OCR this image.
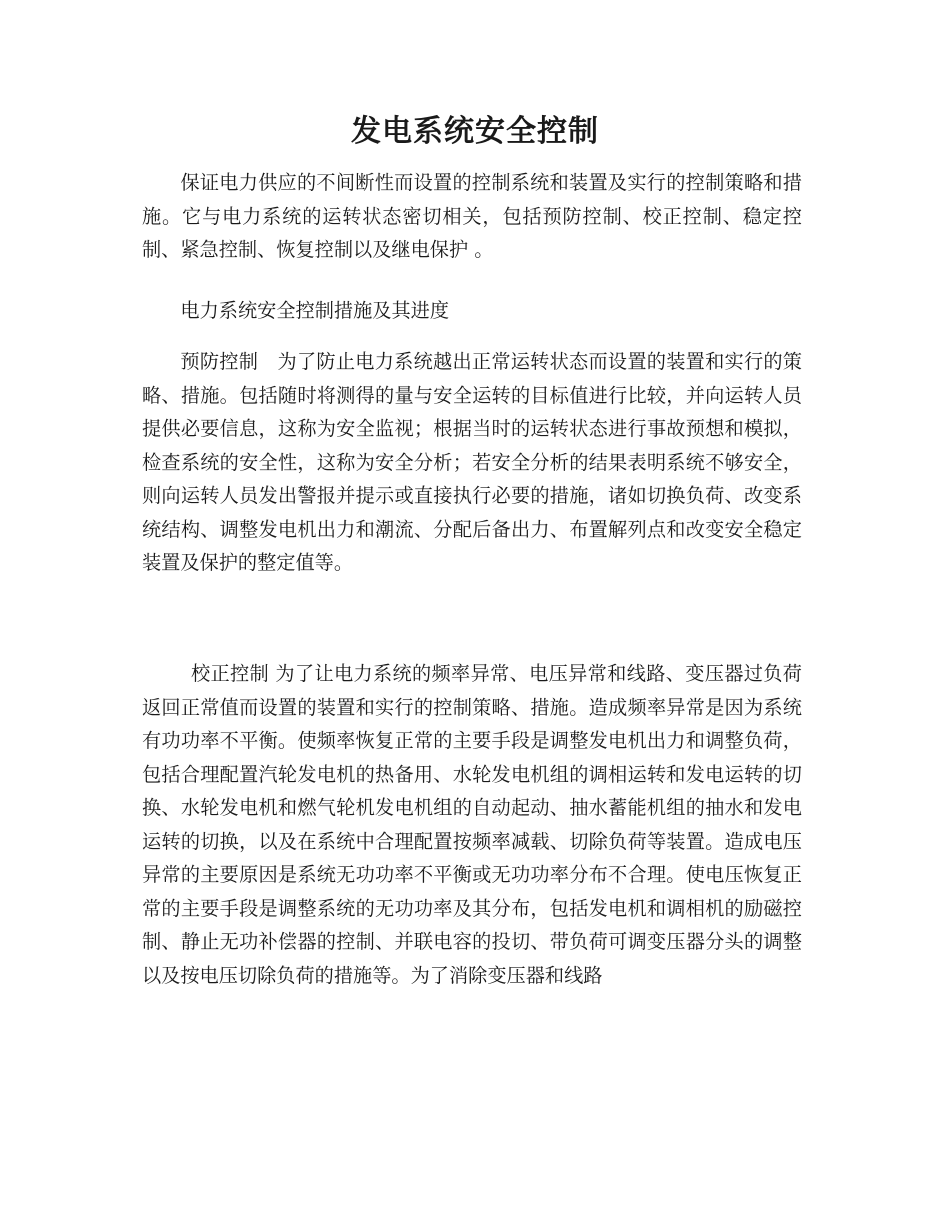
发电系统安全控制

保证电力供应的不间断性而设置的控制系统和装置及实行的控制策略和措施。它与电力系统的运转状态密切相关，包括预防控制、校正控制、稳定控制、紧急控制、恢复控制以及继电保护 。

电力系统安全控制措施及其进度

预防控制　为了防止电力系统越出正常运转状态而设置的装置和实行的策略、措施。包括随时将测得的量与安全运转的目标值进行比较，并向运转人员提供必要信息，这称为安全监视；根据当时的运转状态进行事故预想和模拟，检查系统的安全性，这称为安全分析；若安全分析的结果表明系统不够安全，则向运转人员发出警报并提示或直接执行必要的措施，诸如切换负荷、改变系统结构、调整发电机出力和潮流、分配后备出力、布置解列点和改变安全稳定装置及保护的整定值等。

校正控制 为了让电力系统的频率异常、电压异常和线路、变压器过负荷返回正常值而设置的装置和实行的控制策略、措施。造成频率异常是因为系统有功功率不平衡。使频率恢复正常的主要手段是调整发电机出力和调整负荷，包括合理配置汽轮发电机的热备用、水轮发电机组的调相运转和发电运转的切换、水轮发电机和燃气轮机发电机组的自动起动、抽水蓄能机组的抽水和发电运转的切换，以及在系统中合理配置按频率减载、切除负荷等装置。造成电压异常的主要原因是系统无功功率不平衡或无功功率分布不合理。使电压恢复正常的主要手段是调整系统的无功功率及其分布，包括发电机和调相机的励磁控制、静止无功补偿器的控制、并联电容的投切、带负荷可调变压器分头的调整以及按电压切除负荷的措施等。为了消除变压器和线路
